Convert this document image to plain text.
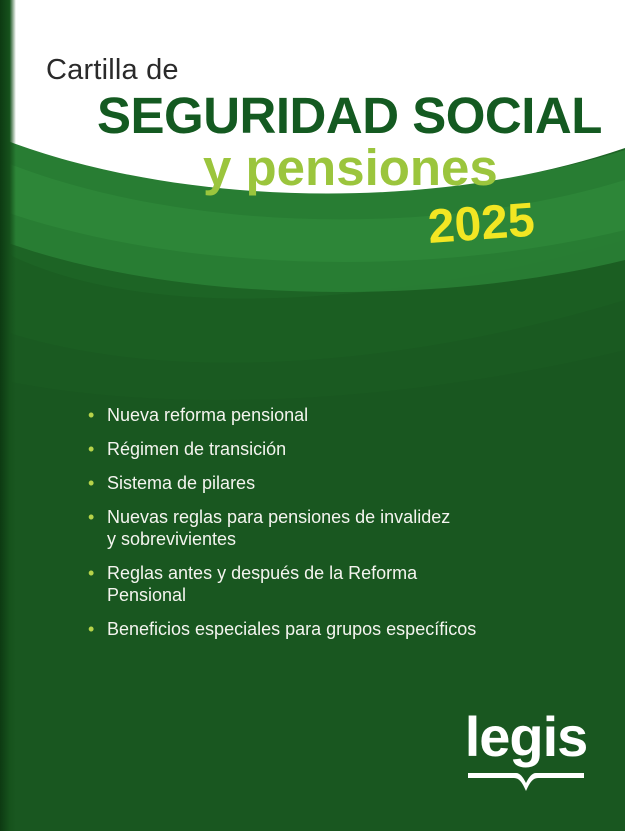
Cartilla de
SEGURIDAD SOCIAL
y pensiones
2025
• Nueva reforma pensional
• Régimen de transición
• Sistema de pilares
• Nuevas reglas para pensiones de invalidez
y sobrevivientes
• Reglas antes y después de la Reforma
Pensional
• Beneficios especiales para grupos específicos
legis
